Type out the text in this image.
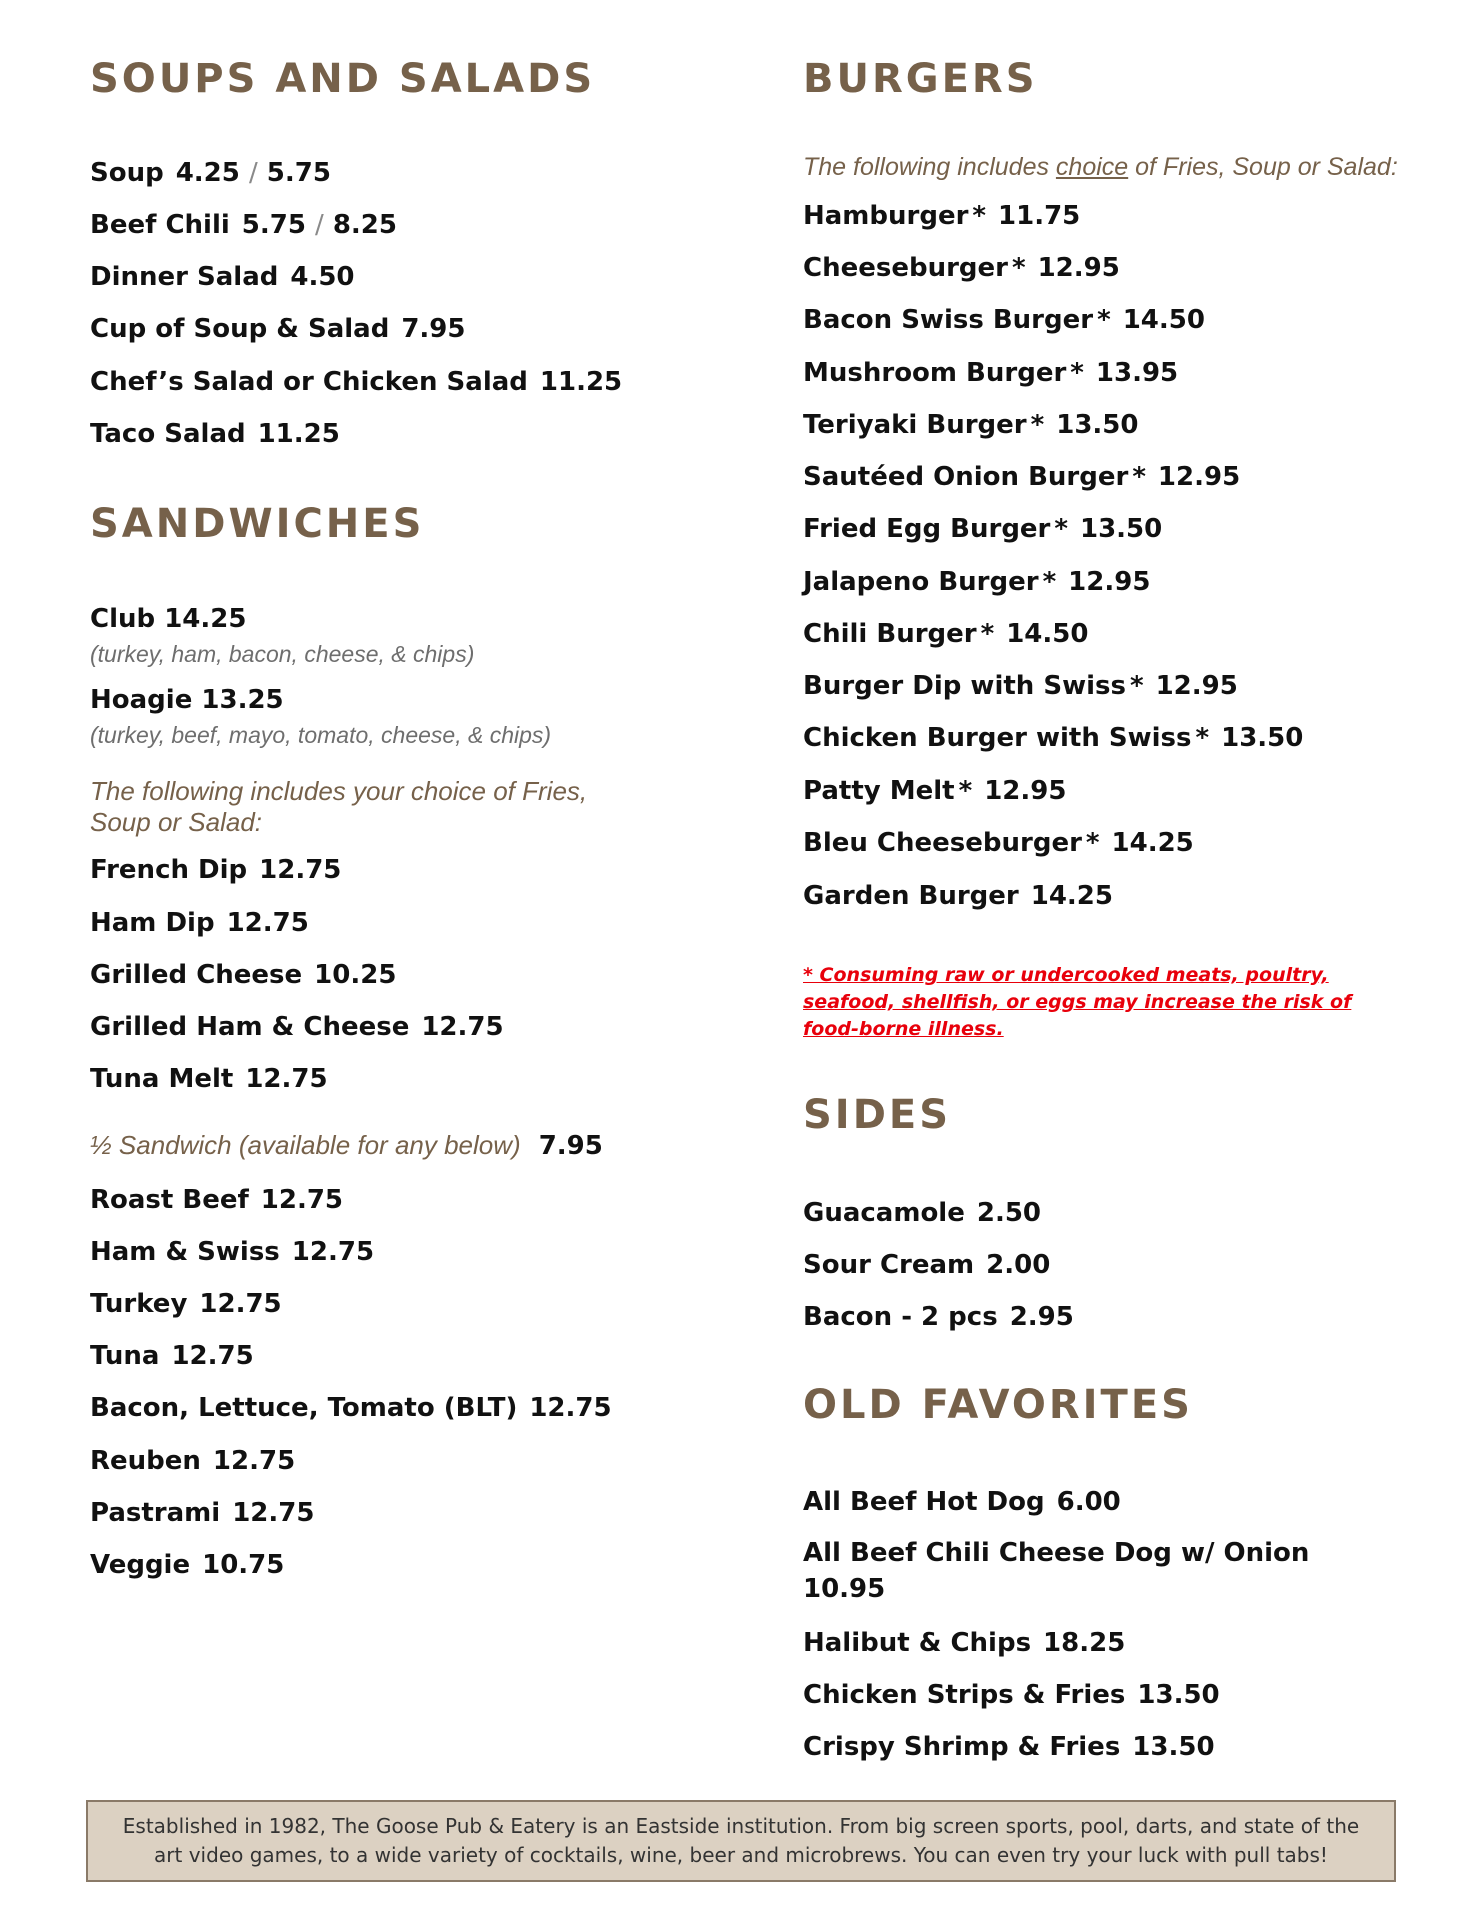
SOUPS AND SALADS
Soup 4.25 / 5.75
Beef Chili 5.75 / 8.25
Dinner Salad 4.50
Cup of Soup & Salad 7.95
Chef’s Salad or Chicken Salad 11.25
Taco Salad 11.25
SANDWICHES
Club 14.25
(turkey, ham, bacon, cheese, & chips)
Hoagie 13.25
(turkey, beef, mayo, tomato, cheese, & chips)
The following includes your choice of Fries,
Soup or Salad:
French Dip 12.75
Ham Dip 12.75
Grilled Cheese 10.25
Grilled Ham & Cheese 12.75
Tuna Melt 12.75
½ Sandwich (available for any below) 7.95
Roast Beef 12.75
Ham & Swiss 12.75
Turkey 12.75
Tuna 12.75
Bacon, Lettuce, Tomato (BLT) 12.75
Reuben 12.75
Pastrami 12.75
Veggie 10.75
BURGERS
The following includes choice of Fries, Soup or Salad:
Hamburger * 11.75
Cheeseburger * 12.95
Bacon Swiss Burger * 14.50
Mushroom Burger * 13.95
Teriyaki Burger * 13.50
Sautéed Onion Burger * 12.95
Fried Egg Burger * 13.50
Jalapeno Burger * 12.95
Chili Burger * 14.50
Burger Dip with Swiss * 12.95
Chicken Burger with Swiss * 13.50
Patty Melt * 12.95
Bleu Cheeseburger * 14.25
Garden Burger 14.25
* Consuming raw or undercooked meats, poultry, seafood, shellfish, or eggs may increase the risk of food-borne illness.
SIDES
Guacamole 2.50
Sour Cream 2.00
Bacon - 2 pcs 2.95
OLD FAVORITES
All Beef Hot Dog 6.00
All Beef Chili Cheese Dog w/ Onion
10.95
Halibut & Chips 18.25
Chicken Strips & Fries 13.50
Crispy Shrimp & Fries 13.50
Established in 1982, The Goose Pub & Eatery is an Eastside institution. From big screen sports, pool, darts, and state of the art video games, to a wide variety of cocktails, wine, beer and microbrews. You can even try your luck with pull tabs!
